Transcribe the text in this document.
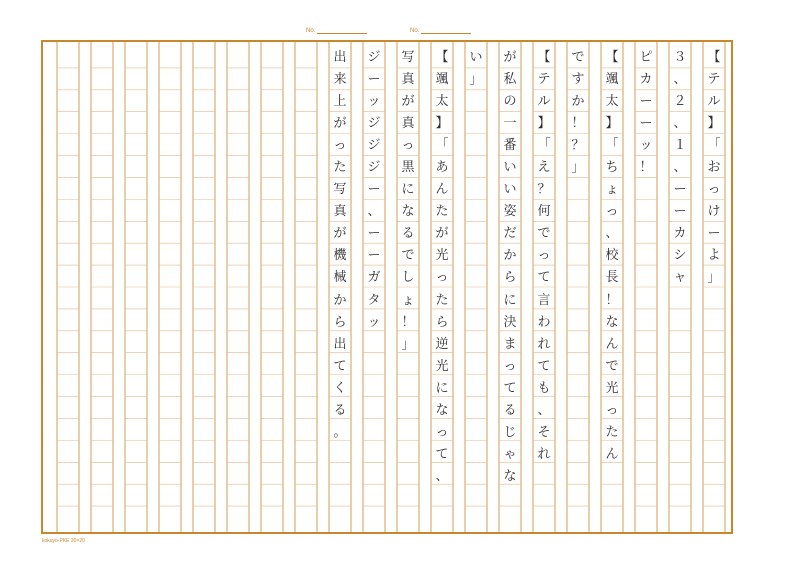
No.	No.
【
テ
ル
】
「
お
っ
け
ー
よ
」
３
、
２
、
１
、
ー
ー
カ
シ
ャ
ピ
カ
ー
ー
ッ
！
【
颯
太
】
「
ち
ょ
っ
、
校
長
！
な
ん
で
光
っ
た
ん
で
す
か
！
？
」
【
テ
ル
】
「
え
？
何
で
っ
て
言
わ
れ
て
も
、
そ
れ
が
私
の
一
番
い
い
姿
だ
か
ら
に
決
ま
っ
て
る
じ
ゃ
な
い
」
【
颯
太
】
「
あ
ん
た
が
光
っ
た
ら
逆
光
に
な
っ
て
、
写
真
が
真
っ
黒
に
な
る
で
し
ょ
！
」
ジ
ー
ッ
ジ
ジ
ジ
ー
、
ー
ー
ガ
タ
ッ
出
来
上
が
っ
た
写
真
が
機
械
か
ら
出
て
く
る
。
kokuyo-PKE 20×20
